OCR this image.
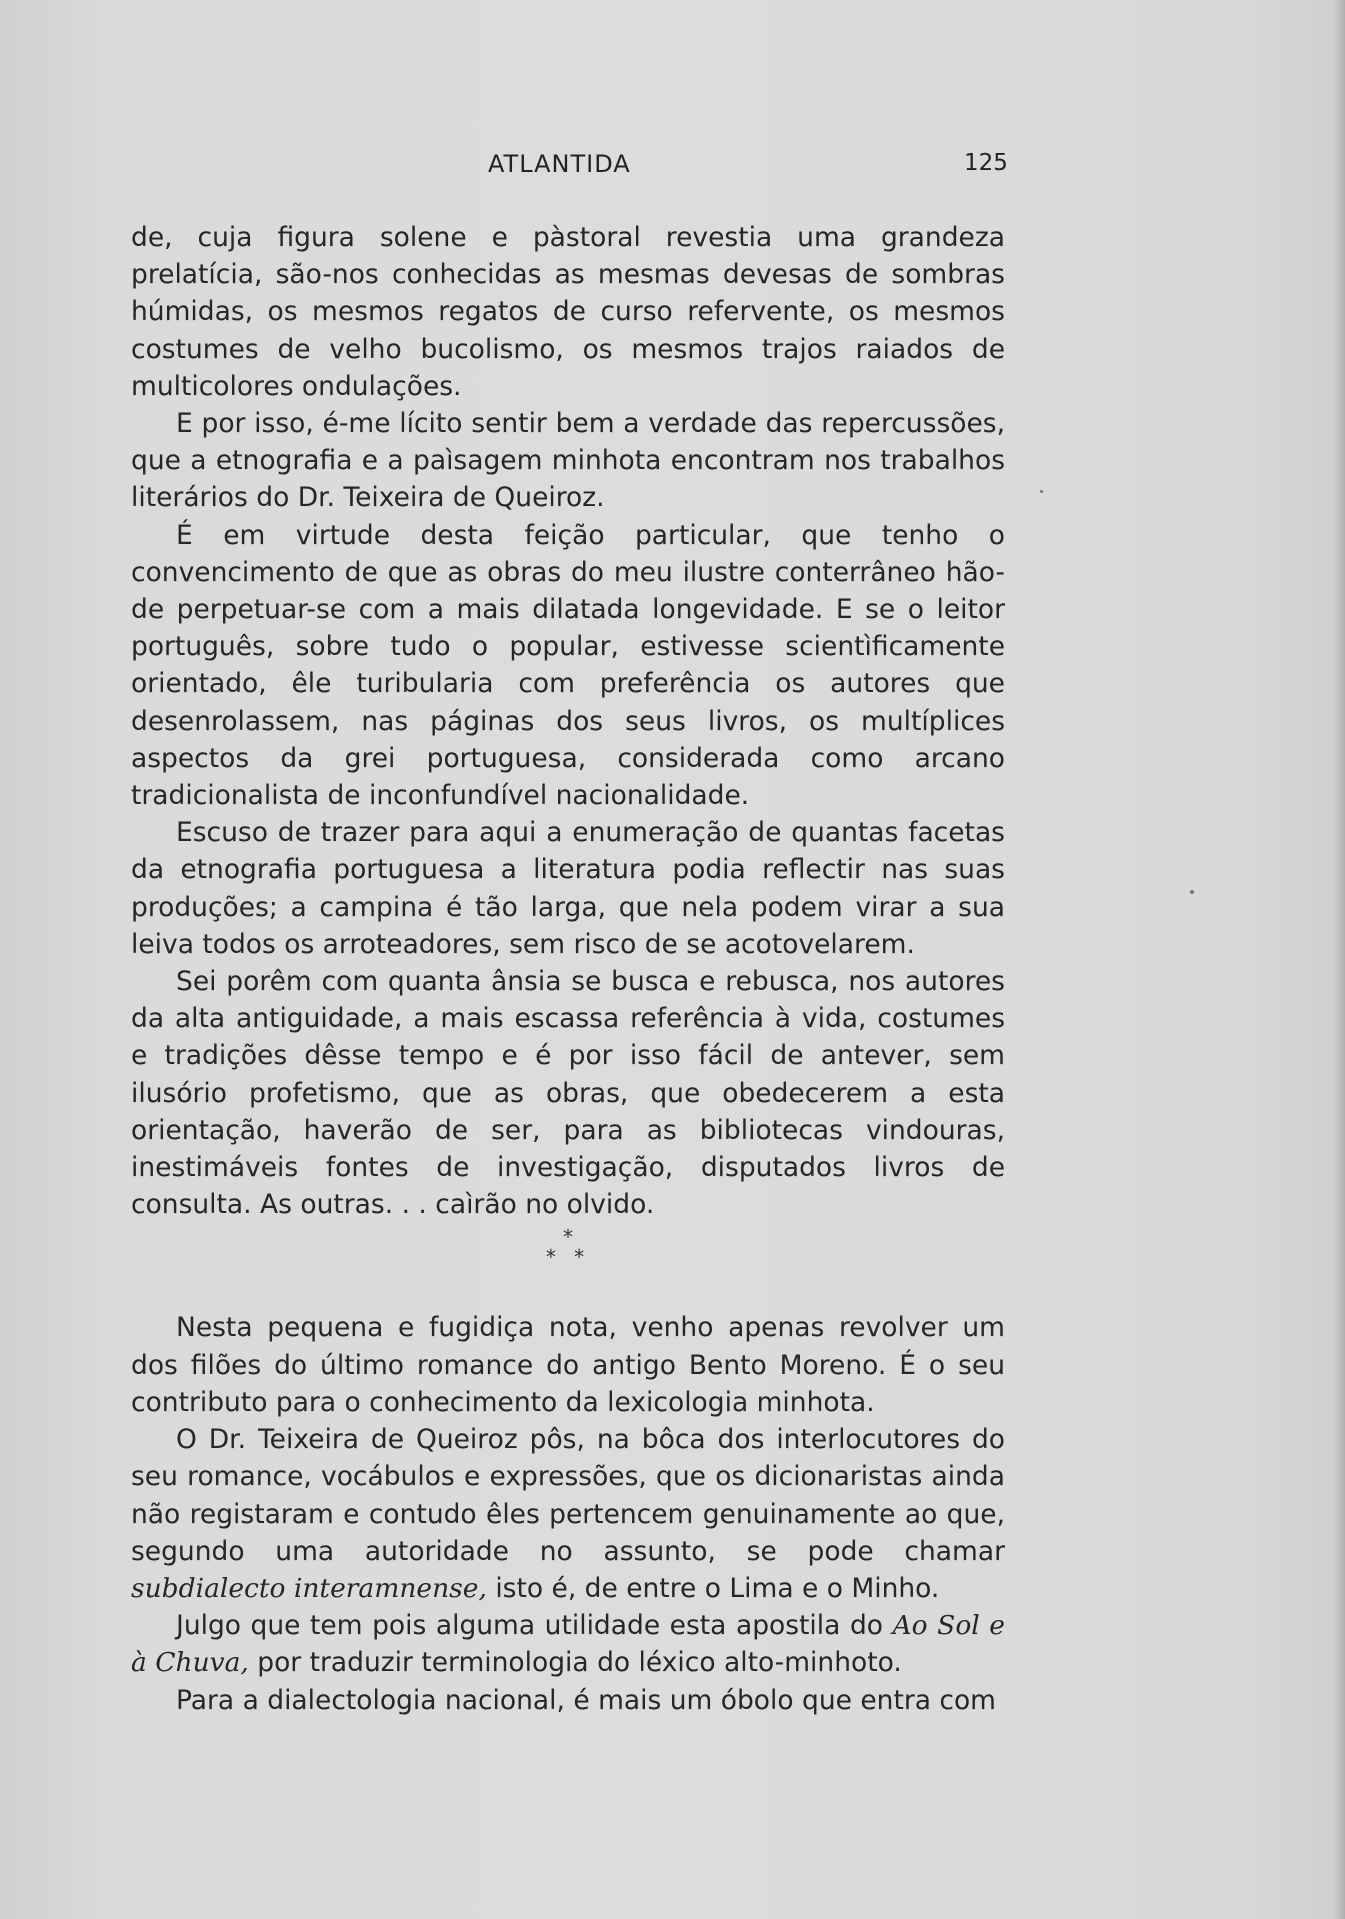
ATLANTIDA	125

de, cuja figura solene e pàstoral revestia uma grandeza prelatícia, são-nos conhecidas as mesmas devesas de sombras húmidas, os mesmos regatos de curso refervente, os mesmos costumes de velho bucolismo, os mesmos trajos raiados de multicolores ondulações.

E por isso, é-me lícito sentir bem a verdade das repercussões, que a etnografia e a paìsagem minhota encontram nos trabalhos literários do Dr. Teixeira de Queiroz.

É em virtude desta feição particular, que tenho o convencimento de que as obras do meu ilustre conterrâneo hão-de perpetuar-se com a mais dilatada longevidade. E se o leitor português, sobre tudo o popular, estivesse scientìficamente orientado, êle turibularia com preferência os autores que desenrolassem, nas páginas dos seus livros, os multíplices aspectos da grei portuguesa, considerada como arcano tradicionalista de inconfundível nacionalidade.

Escuso de trazer para aqui a enumeração de quantas facetas da etnografia portuguesa a literatura podia reflectir nas suas produções; a campina é tão larga, que nela podem virar a sua leiva todos os arroteadores, sem risco de se acotovelarem.

Sei porêm com quanta ânsia se busca e rebusca, nos autores da alta antiguidade, a mais escassa referência à vida, costumes e tradições dêsse tempo e é por isso fácil de antever, sem ilusório profetismo, que as obras, que obedecerem a esta orientação, haverão de ser, para as bibliotecas vindouras, inestimáveis fontes de investigação, disputados livros de consulta. As outras. . . caìrão no olvido.

*
* *

Nesta pequena e fugidiça nota, venho apenas revolver um dos filões do último romance do antigo Bento Moreno. É o seu contributo para o conhecimento da lexicologia minhota.

O Dr. Teixeira de Queiroz pôs, na bôca dos interlocutores do seu romance, vocábulos e expressões, que os dicionaristas ainda não registaram e contudo êles pertencem genuinamente ao que, segundo uma autoridade no assunto, se pode chamar subdialecto interamnense, isto é, de entre o Lima e o Minho.

Julgo que tem pois alguma utilidade esta apostila do Ao Sol e à Chuva, por traduzir terminologia do léxico alto-minhoto.

Para a dialectologia nacional, é mais um óbolo que entra com
